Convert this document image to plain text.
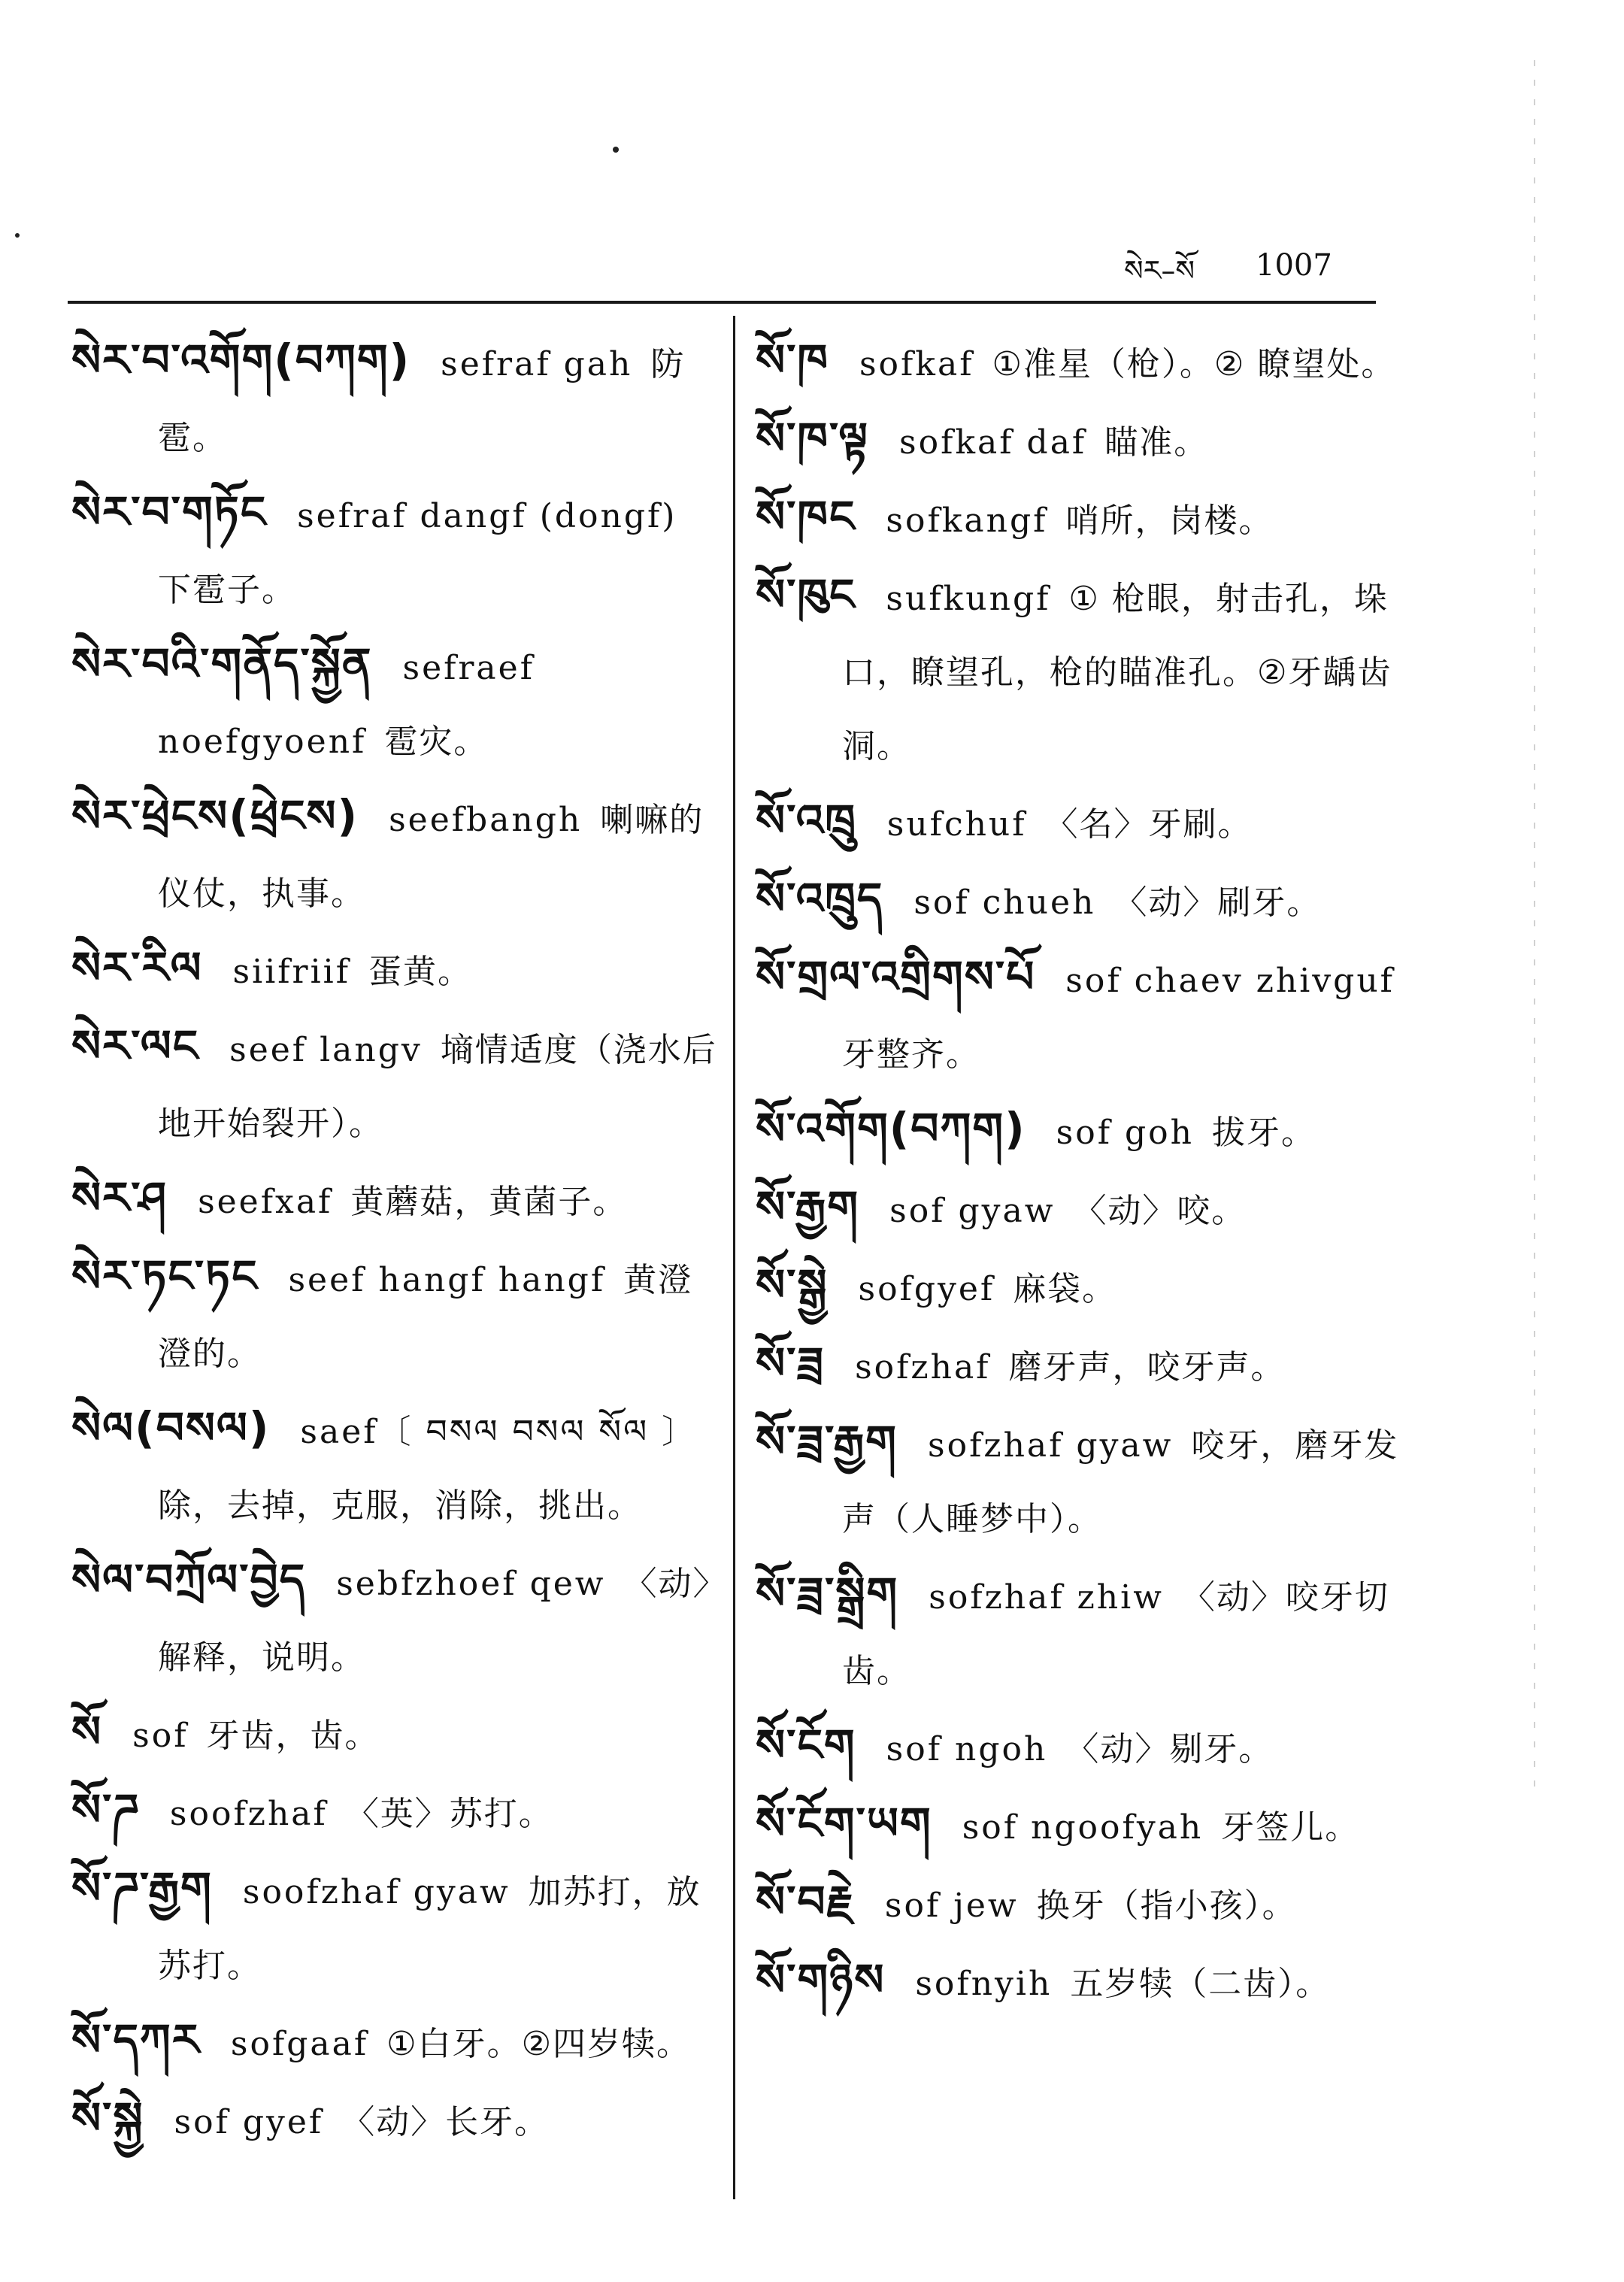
སེར–སོ 1007

སེར་བ་འགོག(བཀག) sefraf gah 防雹。

སེར་བ་གཏོང sefraf dangf (dongf)下雹子。

སེར་བའི་གནོད་སྐྱོན sefraef noefgyoenf 雹灾。

སེར་ཕྲེངས(ཕྲེངས) seefbangh 喇嘛的仪仗，执事。

སེར་རིལ siifriif 蛋黄。

སེར་ལང seef langv 墒情适度（浇水后地开始裂开）。

སེར་ཤ seefxaf 黄蘑菇，黄菌子。

སེར་ཏང་ཏང seef hangf hangf 黄澄澄的。

སེལ(བསལ) saef〔 བསལ བསལ སོལ 〕除，去掉，克服，消除，挑出。

སེལ་བཀྲོལ་བྱེད sebfzhoef qew 〈动〉解释，说明。

སོ sof 牙齿，齿。

སོ་ཌ soofzhaf 〈英〉苏打。

སོ་ཌ་རྒྱག soofzhaf gyaw 加苏打，放苏打。

སོ་དཀར sofgaaf ①白牙。②四岁犊。

སོ་སྐྱེ sof gyef 〈动〉长牙。

སོ་ཁ sofkaf ①准星（枪）。② 瞭望处。

སོ་ཁ་ལྟ sofkaf daf 瞄准。

སོ་ཁང sofkangf 哨所，岗楼。

སོ་ཁུང sufkungf ① 枪眼，射击孔，垛口，瞭望孔，枪的瞄准孔。②牙龋齿洞。

སོ་འཁྲུ sufchuf 〈名〉牙刷。

སོ་འཁྲུད sof chueh 〈动〉刷牙。

སོ་གྲལ་འགྲིགས་པོ sof chaev zhivguf牙整齐。

སོ་འགོག(བཀག) sof goh 拔牙。

སོ་རྒྱག sof gyaw 〈动〉咬。

སོ་སྒྱེ sofgyef 麻袋。

སོ་ཟྲ sofzhaf 磨牙声，咬牙声。

སོ་ཟྲ་རྒྱག sofzhaf gyaw 咬牙，磨牙发声（人睡梦中）。

སོ་ཟྲ་སྒྲིག sofzhaf zhiw 〈动〉咬牙切齿。

སོ་ངོག sof ngoh 〈动〉剔牙。

སོ་ངོག་ཡག sof ngoofyah 牙签儿。

སོ་བརྗེ sof jew 换牙（指小孩）。

སོ་གཉིས sofnyih 五岁犊（二齿）。
